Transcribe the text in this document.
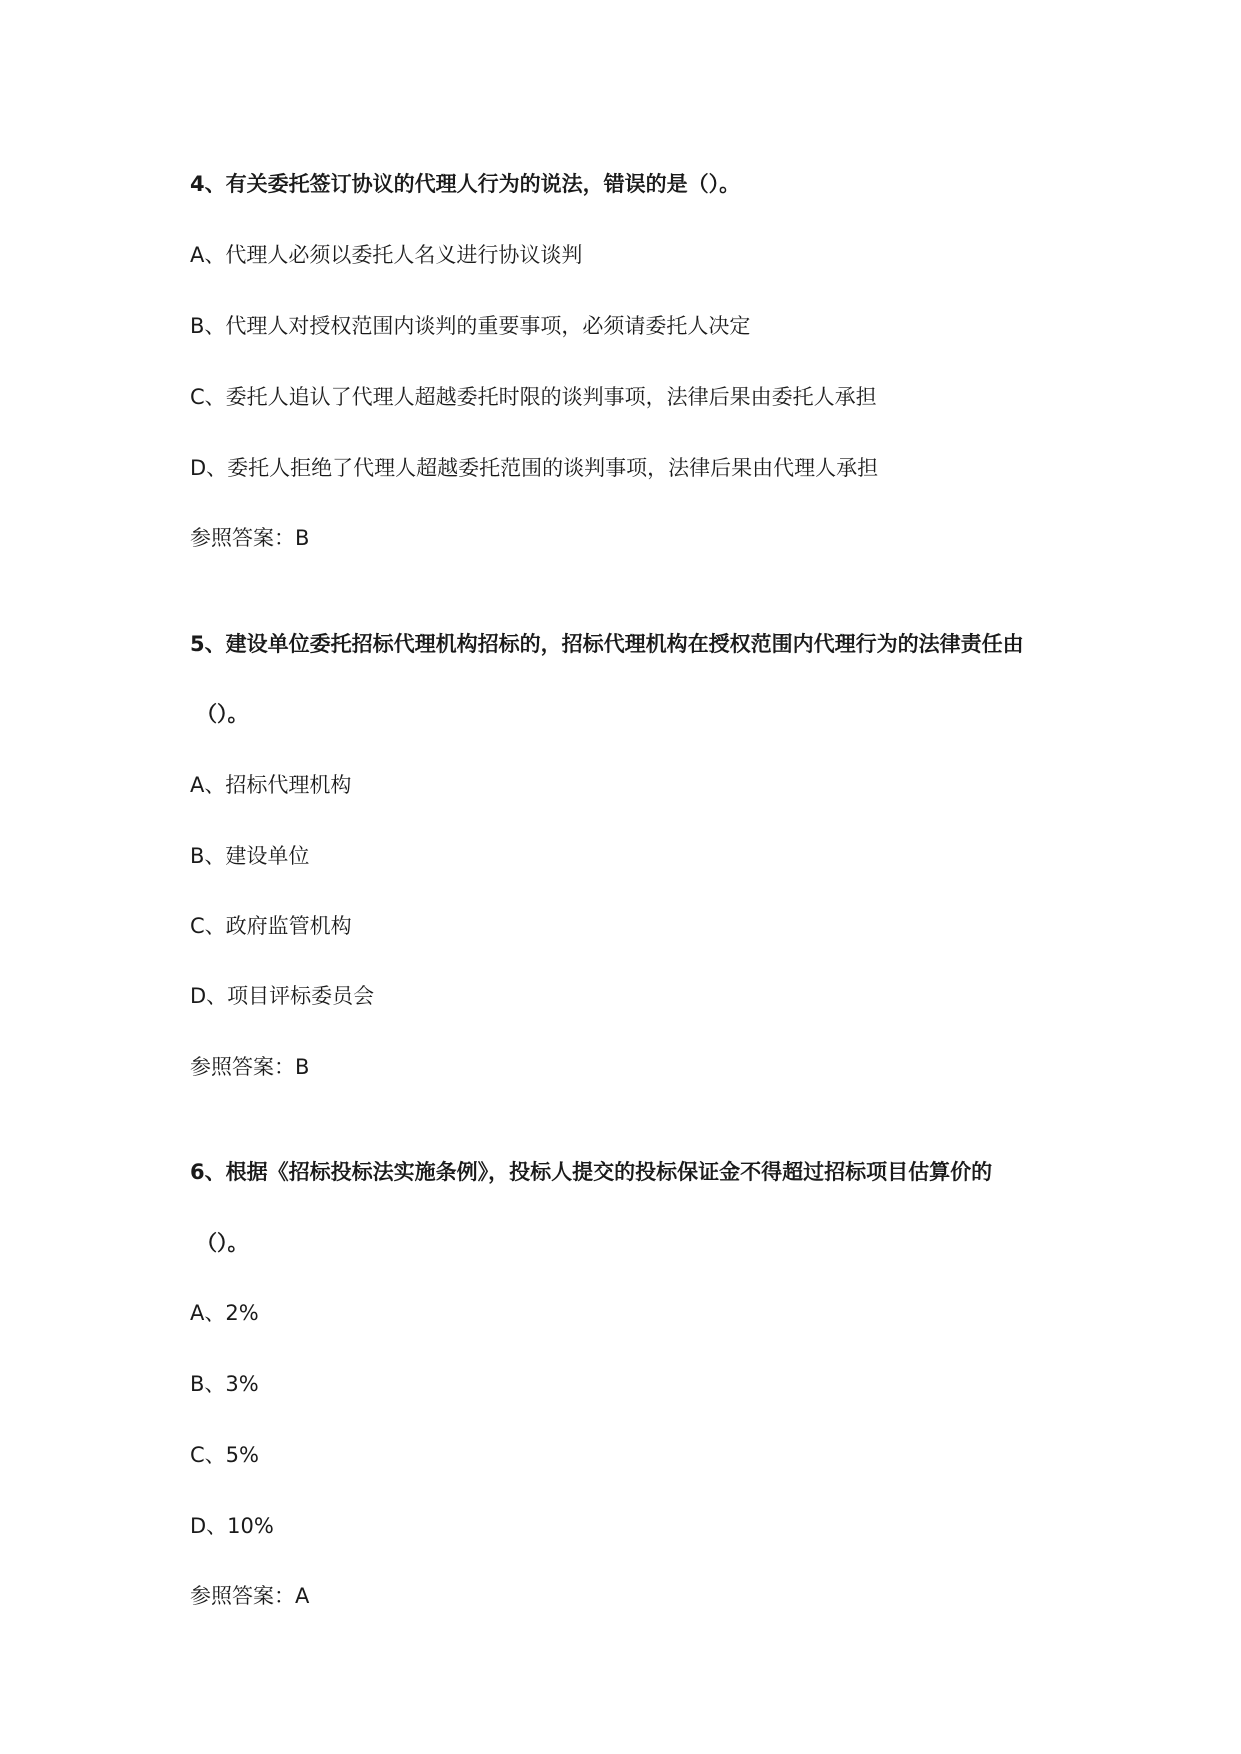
4、有关委托签订协议的代理人行为的说法，错误的是（）。
A、代理人必须以委托人名义进行协议谈判
B、代理人对授权范围内谈判的重要事项，必须请委托人决定
C、委托人追认了代理人超越委托时限的谈判事项，法律后果由委托人承担
D、委托人拒绝了代理人超越委托范围的谈判事项，法律后果由代理人承担
参照答案：B
5、建设单位委托招标代理机构招标的，招标代理机构在授权范围内代理行为的法律责任由
（）。
A、招标代理机构
B、建设单位
C、政府监管机构
D、项目评标委员会
参照答案：B
6、根据《招标投标法实施条例》，投标人提交的投标保证金不得超过招标项目估算价的
（）。
A、2%
B、3%
C、5%
D、10%
参照答案：A
